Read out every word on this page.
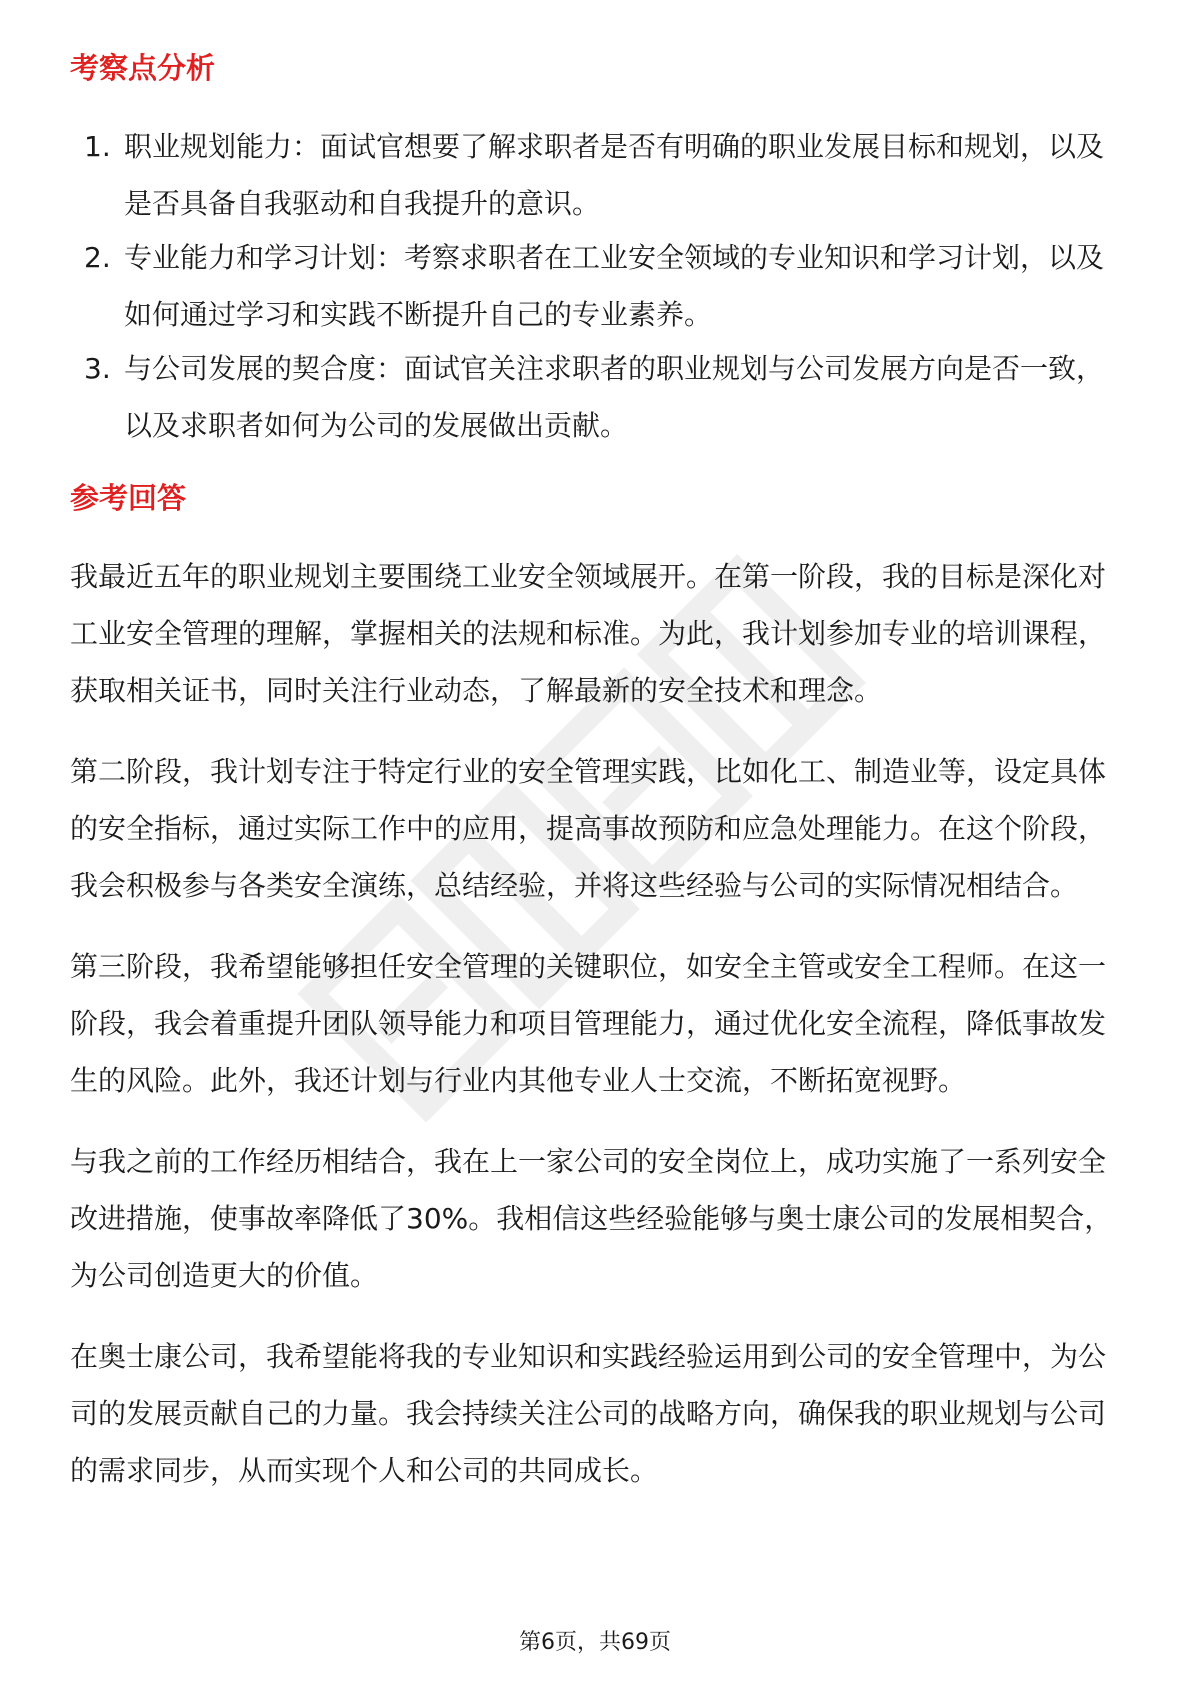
考察点分析
1. 职业规划能力：面试官想要了解求职者是否有明确的职业发展目标和规划，以及是否具备自我驱动和自我提升的意识。
2. 专业能力和学习计划：考察求职者在工业安全领域的专业知识和学习计划，以及如何通过学习和实践不断提升自己的专业素养。
3. 与公司发展的契合度：面试官关注求职者的职业规划与公司发展方向是否一致，以及求职者如何为公司的发展做出贡献。
参考回答

我最近五年的职业规划主要围绕工业安全领域展开。在第一阶段，我的目标是深化对工业安全管理的理解，掌握相关的法规和标准。为此，我计划参加专业的培训课程，获取相关证书，同时关注行业动态，了解最新的安全技术和理念。

第二阶段，我计划专注于特定行业的安全管理实践，比如化工、制造业等，设定具体的安全指标，通过实际工作中的应用，提高事故预防和应急处理能力。在这个阶段，我会积极参与各类安全演练，总结经验，并将这些经验与公司的实际情况相结合。

第三阶段，我希望能够担任安全管理的关键职位，如安全主管或安全工程师。在这一阶段，我会着重提升团队领导能力和项目管理能力，通过优化安全流程，降低事故发生的风险。此外，我还计划与行业内其他专业人士交流，不断拓宽视野。

与我之前的工作经历相结合，我在上一家公司的安全岗位上，成功实施了一系列安全改进措施，使事故率降低了30%。我相信这些经验能够与奥士康公司的发展相契合，为公司创造更大的价值。

在奥士康公司，我希望能将我的专业知识和实践经验运用到公司的安全管理中，为公司的发展贡献自己的力量。我会持续关注公司的战略方向，确保我的职业规划与公司的需求同步，从而实现个人和公司的共同成长。

第6页，共69页
